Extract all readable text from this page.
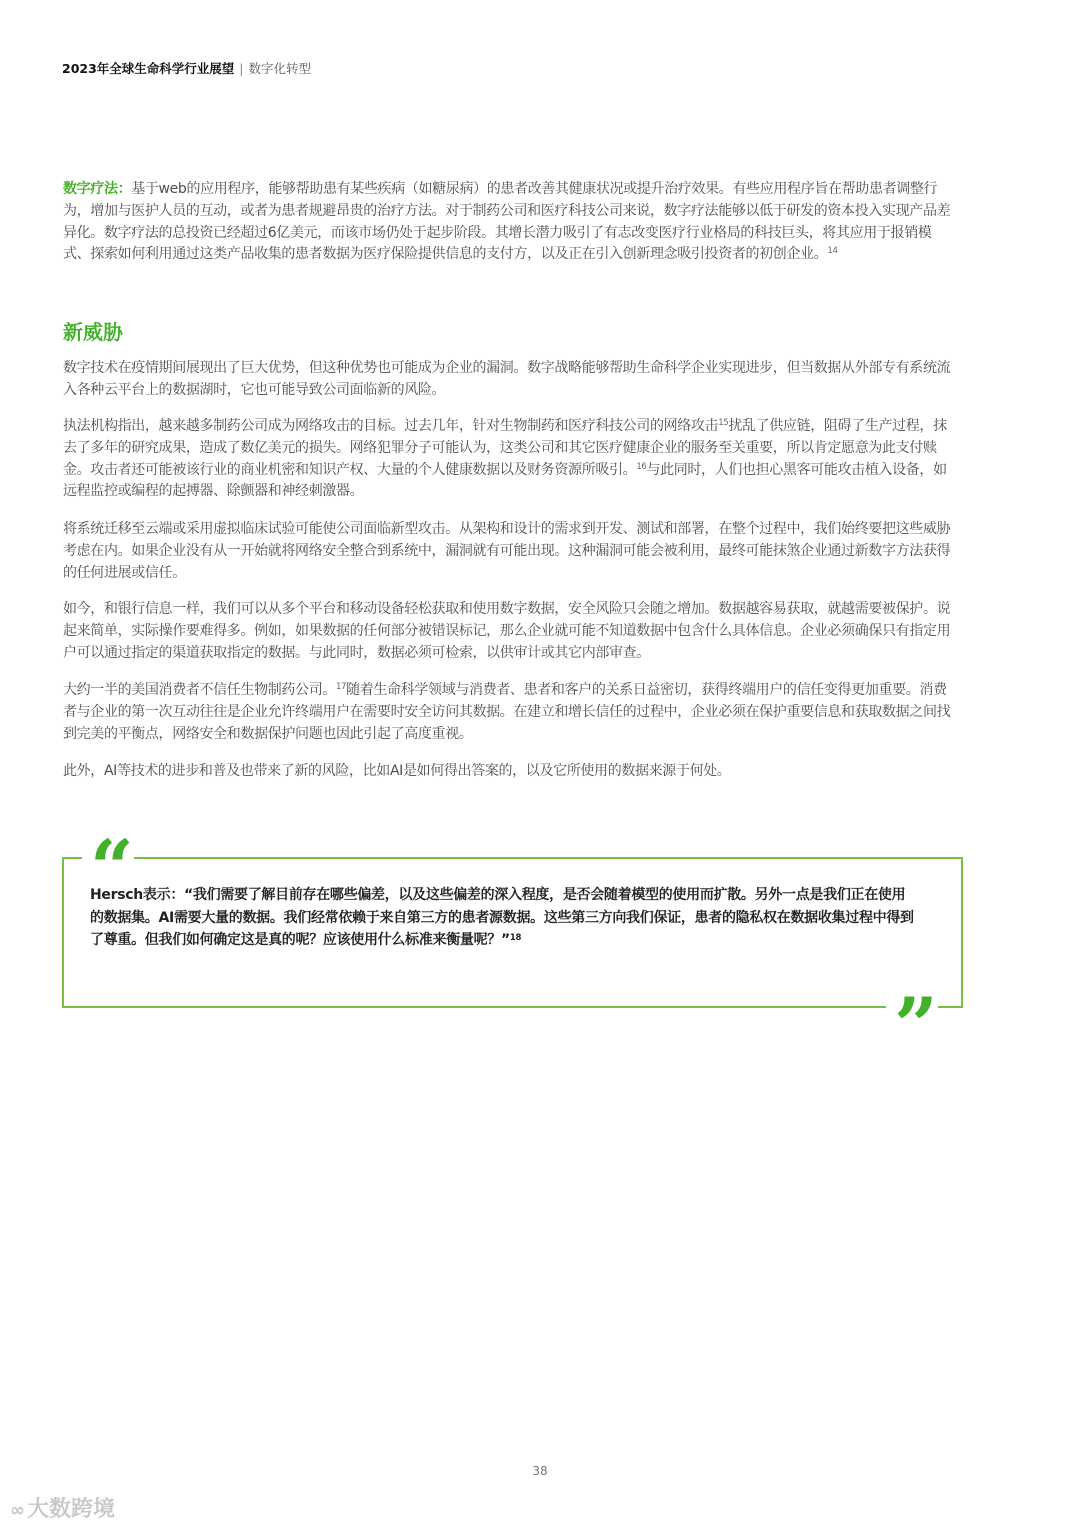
2023年全球生命科学行业展望 | 数字化转型

数字疗法：基于web的应用程序，能够帮助患有某些疾病（如糖尿病）的患者改善其健康状况或提升治疗效果。有些应用程序旨在帮助患者调整行为，增加与医护人员的互动，或者为患者规避昂贵的治疗方法。对于制药公司和医疗科技公司来说，数字疗法能够以低于研发的资本投入实现产品差异化。数字疗法的总投资已经超过6亿美元，而该市场仍处于起步阶段。其增长潜力吸引了有志改变医疗行业格局的科技巨头，将其应用于报销模式、探索如何利用通过这类产品收集的患者数据为医疗保险提供信息的支付方，以及正在引入创新理念吸引投资者的初创企业。$^{14}$

新威胁

数字技术在疫情期间展现出了巨大优势，但这种优势也可能成为企业的漏洞。数字战略能够帮助生命科学企业实现进步，但当数据从外部专有系统流入各种云平台上的数据湖时，它也可能导致公司面临新的风险。

执法机构指出，越来越多制药公司成为网络攻击的目标。过去几年，针对生物制药和医疗科技公司的网络攻击$^{15}$扰乱了供应链，阻碍了生产过程，抹去了多年的研究成果，造成了数亿美元的损失。网络犯罪分子可能认为，这类公司和其它医疗健康企业的服务至关重要，所以肯定愿意为此支付赎金。攻击者还可能被该行业的商业机密和知识产权、大量的个人健康数据以及财务资源所吸引。$^{16}$与此同时，人们也担心黑客可能攻击植入设备，如远程监控或编程的起搏器、除颤器和神经刺激器。

将系统迁移至云端或采用虚拟临床试验可能使公司面临新型攻击。从架构和设计的需求到开发、测试和部署，在整个过程中，我们始终要把这些威胁考虑在内。如果企业没有从一开始就将网络安全整合到系统中，漏洞就有可能出现。这种漏洞可能会被利用，最终可能抹煞企业通过新数字方法获得的任何进展或信任。

如今，和银行信息一样，我们可以从多个平台和移动设备轻松获取和使用数字数据，安全风险只会随之增加。数据越容易获取，就越需要被保护。说起来简单，实际操作要难得多。例如，如果数据的任何部分被错误标记，那么企业就可能不知道数据中包含什么具体信息。企业必须确保只有指定用户可以通过指定的渠道获取指定的数据。与此同时，数据必须可检索，以供审计或其它内部审查。

大约一半的美国消费者不信任生物制药公司。$^{17}$随着生命科学领域与消费者、患者和客户的关系日益密切，获得终端用户的信任变得更加重要。消费者与企业的第一次互动往往是企业允许终端用户在需要时安全访问其数据。在建立和增长信任的过程中，企业必须在保护重要信息和获取数据之间找到完美的平衡点，网络安全和数据保护问题也因此引起了高度重视。

此外，AI等技术的进步和普及也带来了新的风险，比如AI是如何得出答案的，以及它所使用的数据来源于何处。

“

Hersch表示：“我们需要了解目前存在哪些偏差，以及这些偏差的深入程度，是否会随着模型的使用而扩散。另外一点是我们正在使用的数据集。AI需要大量的数据。我们经常依赖于来自第三方的患者源数据。这些第三方向我们保证，患者的隐私权在数据收集过程中得到了尊重。但我们如何确定这是真的呢？应该使用什么标准来衡量呢？”$^{18}$

”
38
∞大数跨境
